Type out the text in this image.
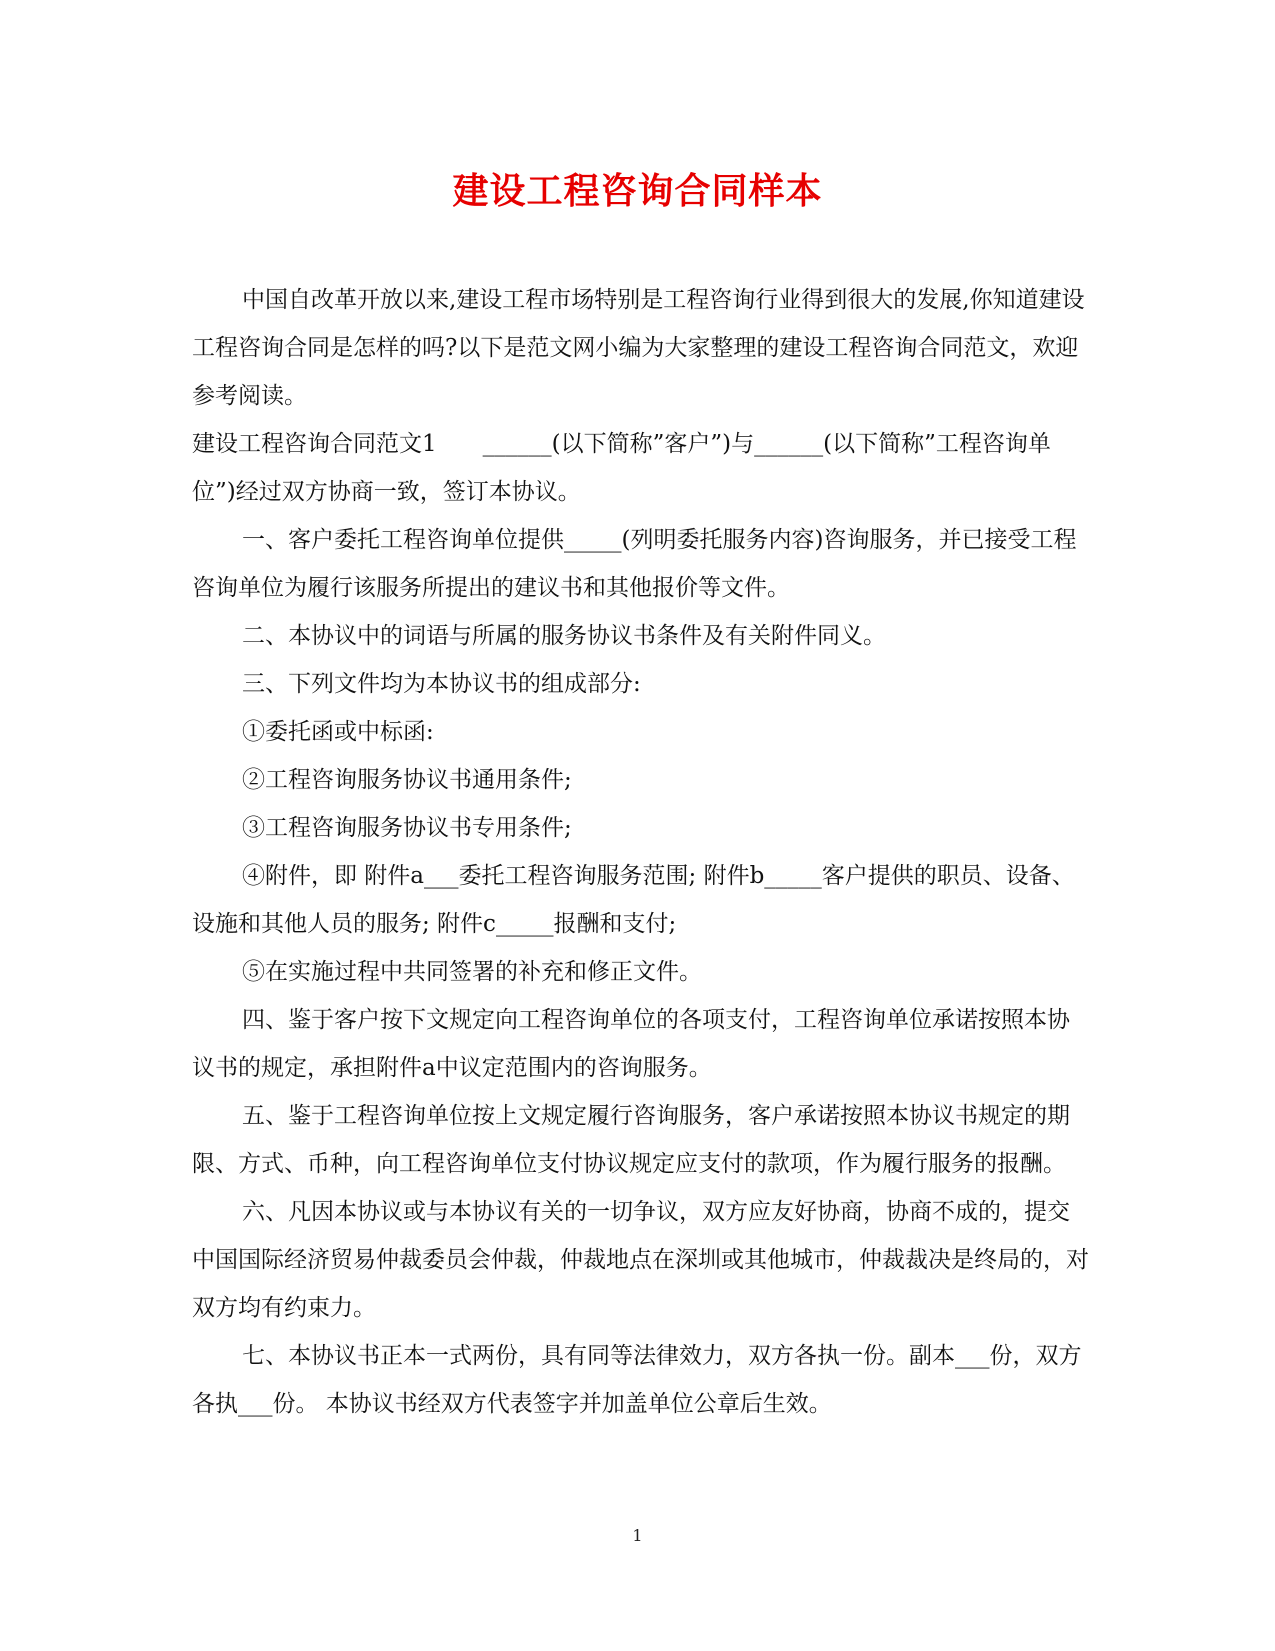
建设工程咨询合同样本

中国自改革开放以来,建设工程市场特别是工程咨询行业得到很大的发展,你知道建设工程咨询合同是怎样的吗?以下是范文网小编为大家整理的建设工程咨询合同范文，欢迎参考阅读。

建设工程咨询合同范文1　　______(以下简称”客户”)与______(以下简称”工程咨询单位”)经过双方协商一致，签订本协议。

一、客户委托工程咨询单位提供_____(列明委托服务内容)咨询服务，并已接受工程咨询单位为履行该服务所提出的建议书和其他报价等文件。

二、本协议中的词语与所属的服务协议书条件及有关附件同义。

三、下列文件均为本协议书的组成部分:

①委托函或中标函:

②工程咨询服务协议书通用条件;

③工程咨询服务协议书专用条件;

④附件，即 附件a___委托工程咨询服务范围; 附件b_____客户提供的职员、设备、 设施和其他人员的服务; 附件c_____报酬和支付;

⑤在实施过程中共同签署的补充和修正文件。

四、鉴于客户按下文规定向工程咨询单位的各项支付，工程咨询单位承诺按照本协议书的规定，承担附件a中议定范围内的咨询服务。

五、鉴于工程咨询单位按上文规定履行咨询服务，客户承诺按照本协议书规定的期限、方式、币种，向工程咨询单位支付协议规定应支付的款项，作为履行服务的报酬。

六、凡因本协议或与本协议有关的一切争议，双方应友好协商，协商不成的，提交中国国际经济贸易仲裁委员会仲裁，仲裁地点在深圳或其他城市，仲裁裁决是终局的，对双方均有约束力。

七、本协议书正本一式两份，具有同等法律效力，双方各执一份。副本___份，双方各执___份。 本协议书经双方代表签字并加盖单位公章后生效。

1
